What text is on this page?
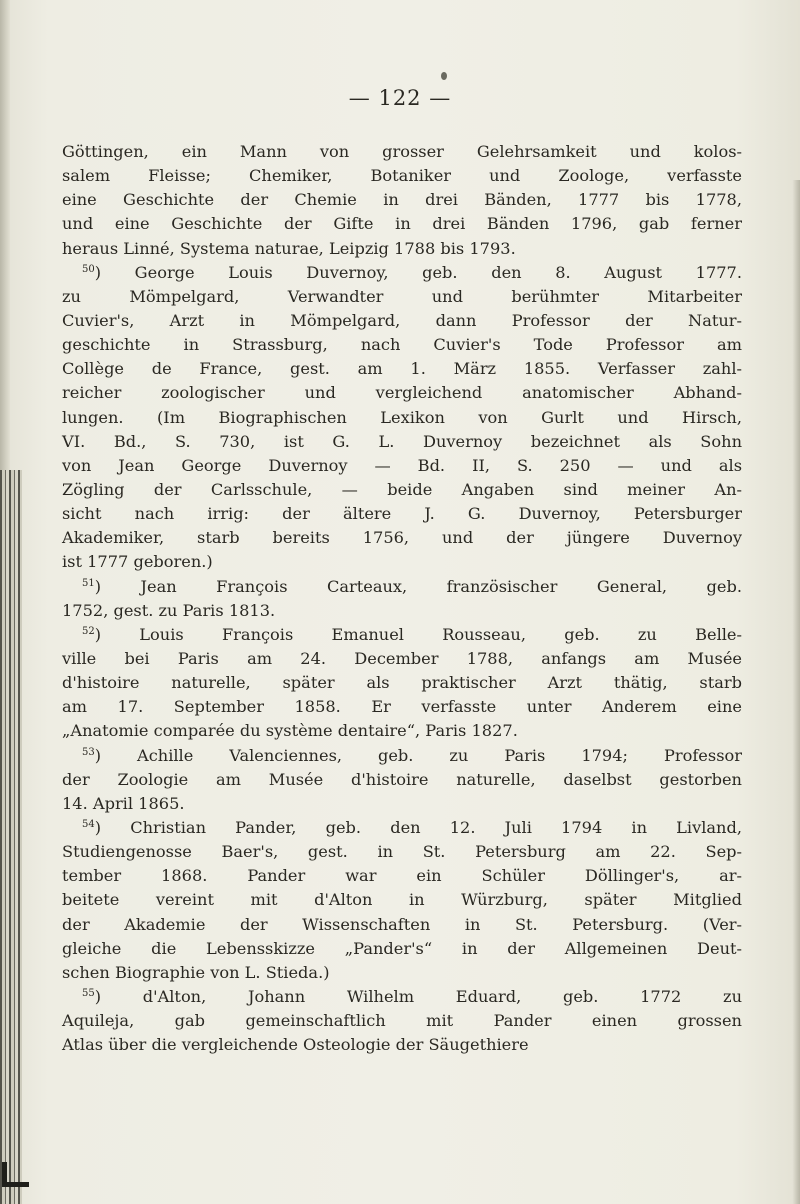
— 122 —
Göttingen, ein Mann von grosser Gelehrsamkeit und kolos-
salem Fleisse; Chemiker, Botaniker und Zoologe, verfasste
eine Geschichte der Chemie in drei Bänden, 1777 bis 1778,
und eine Geschichte der Gifte in drei Bänden 1796, gab ferner
heraus Linné, Systema naturae, Leipzig 1788 bis 1793.
$^{50}$) George Louis Duvernoy, geb. den 8. August 1777.
zu Mömpelgard, Verwandter und berühmter Mitarbeiter
Cuvier's, Arzt in Mömpelgard, dann Professor der Natur-
geschichte in Strassburg, nach Cuvier's Tode Professor am
Collège de France, gest. am 1. März 1855. Verfasser zahl-
reicher zoologischer und vergleichend anatomischer Abhand-
lungen. (Im Biographischen Lexikon von Gurlt und Hirsch,
VI. Bd., S. 730, ist G. L. Duvernoy bezeichnet als Sohn
von Jean George Duvernoy — Bd. II, S. 250 — und als
Zögling der Carlsschule, — beide Angaben sind meiner An-
sicht nach irrig: der ältere J. G. Duvernoy, Petersburger
Akademiker, starb bereits 1756, und der jüngere Duvernoy
ist 1777 geboren.)
$^{51}$) Jean François Carteaux, französischer General, geb.
1752, gest. zu Paris 1813.
$^{52}$) Louis François Emanuel Rousseau, geb. zu Belle-
ville bei Paris am 24. December 1788, anfangs am Musée
d'histoire naturelle, später als praktischer Arzt thätig, starb
am 17. September 1858. Er verfasste unter Anderem eine
„Anatomie comparée du système dentaire“, Paris 1827.
$^{53}$) Achille Valenciennes, geb. zu Paris 1794; Professor
der Zoologie am Musée d'histoire naturelle, daselbst gestorben
14. April 1865.
$^{54}$) Christian Pander, geb. den 12. Juli 1794 in Livland,
Studiengenosse Baer's, gest. in St. Petersburg am 22. Sep-
tember 1868. Pander war ein Schüler Döllinger's, ar-
beitete vereint mit d'Alton in Würzburg, später Mitglied
der Akademie der Wissenschaften in St. Petersburg. (Ver-
gleiche die Lebensskizze „Pander's“ in der Allgemeinen Deut-
schen Biographie von L. Stieda.)
$^{55}$) d'Alton, Johann Wilhelm Eduard, geb. 1772 zu
Aquileja, gab gemeinschaftlich mit Pander einen grossen
Atlas über die vergleichende Osteologie der Säugethiere
